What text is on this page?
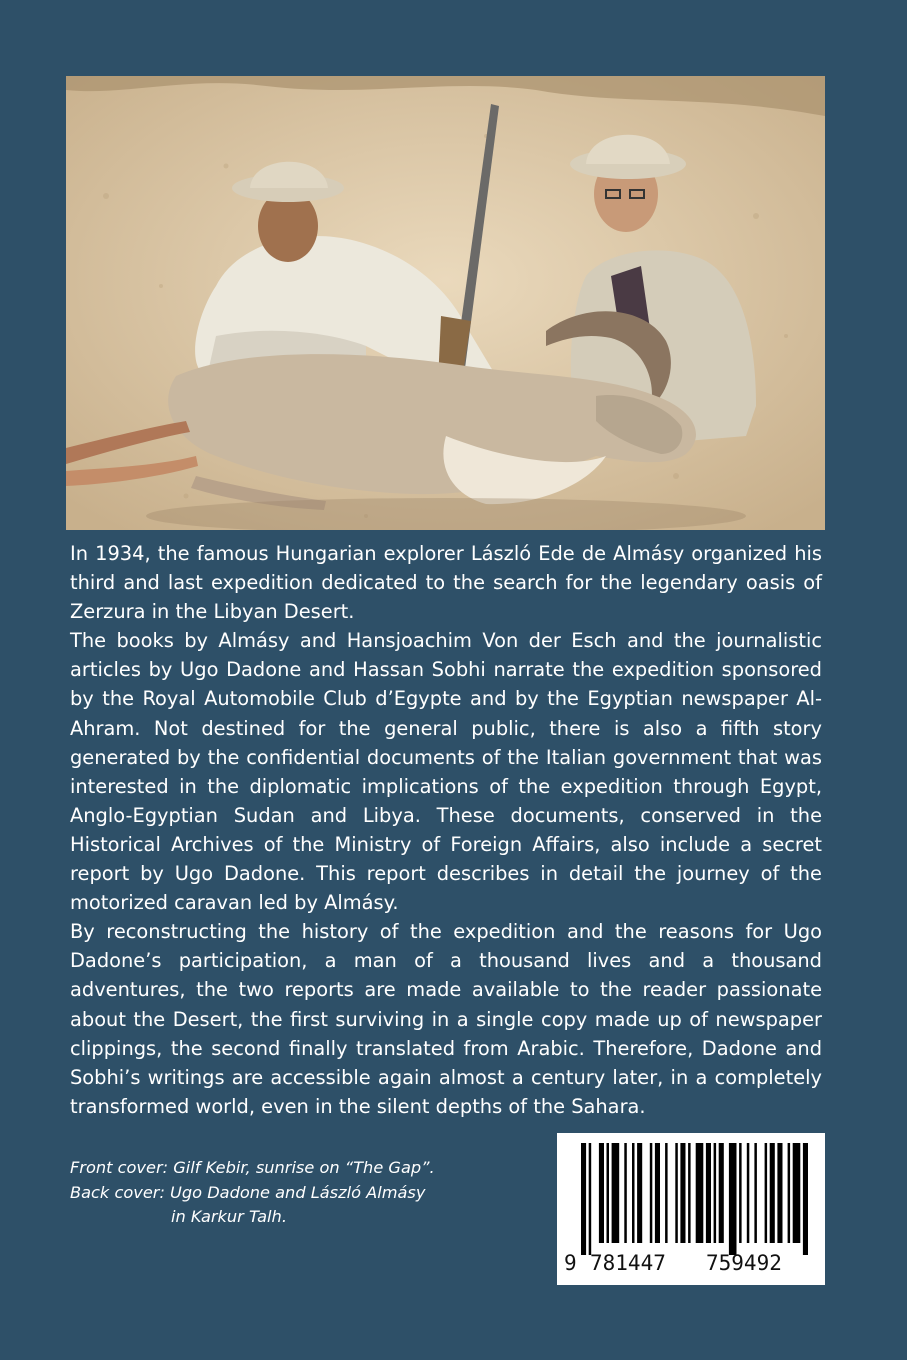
In 1934, the famous Hungarian explorer László Ede de Almásy organized his third and last expedition dedicated to the search for the legendary oasis of Zerzura in the Libyan Desert.

The books by Almásy and Hansjoachim Von der Esch and the journalistic articles by Ugo Dadone and Hassan Sobhi narrate the expedition sponsored by the Royal Automobile Club d’Egypte and by the Egyptian newspaper Al-Ahram. Not destined for the general public, there is also a fifth story generated by the confidential documents of the Italian government that was interested in the diplomatic implications of the expedition through Egypt, Anglo-Egyptian Sudan and Libya. These documents, conserved in the Historical Archives of the Ministry of Foreign Affairs, also include a secret report by Ugo Dadone. This report describes in detail the journey of the motorized caravan led by Almásy.

By reconstructing the history of the expedition and the reasons for Ugo Dadone’s participation, a man of a thousand lives and a thousand adventures, the two reports are made available to the reader passionate about the Desert, the first surviving in a single copy made up of newspaper clippings, the second finally translated from Arabic. Therefore, Dadone and Sobhi’s writings are accessible again almost a century later, in a completely transformed world, even in the silent depths of the Sahara.

Front cover: Gilf Kebir, sunrise on “The Gap”.
Back cover: Ugo Dadone and László Almásy
in Karkur Talh.
9 781447 759492
